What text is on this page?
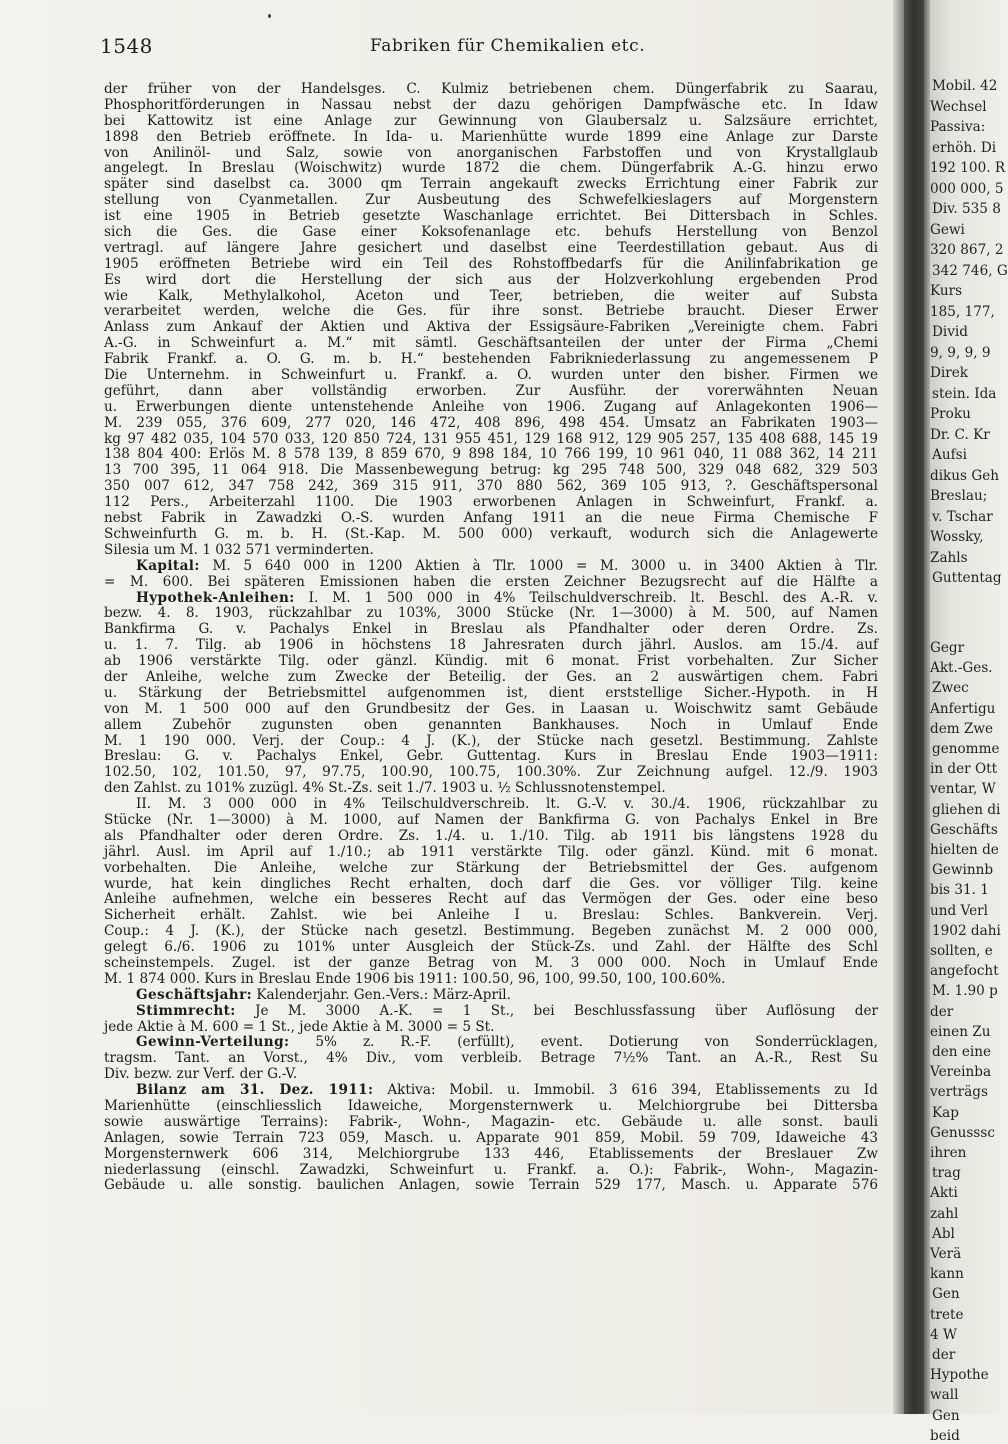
1548	Fabriken für Chemikalien etc.
der früher von der Handelsges. C. Kulmiz betriebenen chem. Düngerfabrik zu Saarau,
Phosphoritförderungen in Nassau nebst der dazu gehörigen Dampfwäsche etc. In Idaw
bei Kattowitz ist eine Anlage zur Gewinnung von Glaubersalz u. Salzsäure errichtet,
1898 den Betrieb eröffnete. In Ida- u. Marienhütte wurde 1899 eine Anlage zur Darste
von Anilinöl- und Salz, sowie von anorganischen Farbstoffen und von Krystallglaub
angelegt. In Breslau (Woischwitz) wurde 1872 die chem. Düngerfabrik A.-G. hinzu erwo
später sind daselbst ca. 3000 qm Terrain angekauft zwecks Errichtung einer Fabrik zur
stellung von Cyanmetallen. Zur Ausbeutung des Schwefelkieslagers auf Morgenstern
ist eine 1905 in Betrieb gesetzte Waschanlage errichtet. Bei Dittersbach in Schles.
sich die Ges. die Gase einer Koksofenanlage etc. behufs Herstellung von Benzol
vertragl. auf längere Jahre gesichert und daselbst eine Teerdestillation gebaut. Aus di
1905 eröffneten Betriebe wird ein Teil des Rohstoffbedarfs für die Anilinfabrikation ge
Es wird dort die Herstellung der sich aus der Holzverkohlung ergebenden Prod
wie Kalk, Methylalkohol, Aceton und Teer, betrieben, die weiter auf Substa
verarbeitet werden, welche die Ges. für ihre sonst. Betriebe braucht. Dieser Erwer
Anlass zum Ankauf der Aktien und Aktiva der Essigsäure-Fabriken „Vereinigte chem. Fabri
A.-G. in Schweinfurt a. M.“ mit sämtl. Geschäftsanteilen der unter der Firma „Chemi
Fabrik Frankf. a. O. G. m. b. H.“ bestehenden Fabrikniederlassung zu angemessenem P
Die Unternehm. in Schweinfurt u. Frankf. a. O. wurden unter den bisher. Firmen we
geführt, dann aber vollständig erworben. Zur Ausführ. der vorerwähnten Neuan
u. Erwerbungen diente untenstehende Anleihe von 1906. Zugang auf Anlagekonten 1906—
M. 239 055, 376 609, 277 020, 146 472, 408 896, 498 454. Umsatz an Fabrikaten 1903—
kg 97 482 035, 104 570 033, 120 850 724, 131 955 451, 129 168 912, 129 905 257, 135 408 688, 145 19
138 804 400: Erlös M. 8 578 139, 8 859 670, 9 898 184, 10 766 199, 10 961 040, 11 088 362, 14 211
13 700 395, 11 064 918. Die Massenbewegung betrug: kg 295 748 500, 329 048 682, 329 503
350 007 612, 347 758 242, 369 315 911, 370 880 562, 369 105 913, ?. Geschäftspersonal
112 Pers., Arbeiterzahl 1100. Die 1903 erworbenen Anlagen in Schweinfurt, Frankf. a.
nebst Fabrik in Zawadzki O.-S. wurden Anfang 1911 an die neue Firma Chemische F
Schweinfurth G. m. b. H. (St.-Kap. M. 500 000) verkauft, wodurch sich die Anlagewerte
Silesia um M. 1 032 571 verminderten.
Kapital: M. 5 640 000 in 1200 Aktien à Tlr. 1000 = M. 3000 u. in 3400 Aktien à Tlr.
= M. 600. Bei späteren Emissionen haben die ersten Zeichner Bezugsrecht auf die Hälfte a
Hypothek-Anleihen: I. M. 1 500 000 in 4% Teilschuldverschreib. lt. Beschl. des A.-R. v.
bezw. 4. 8. 1903, rückzahlbar zu 103%, 3000 Stücke (Nr. 1—3000) à M. 500, auf Namen
Bankfirma G. v. Pachalys Enkel in Breslau als Pfandhalter oder deren Ordre. Zs.
u. 1. 7. Tilg. ab 1906 in höchstens 18 Jahresraten durch jährl. Auslos. am 15./4. auf
ab 1906 verstärkte Tilg. oder gänzl. Kündig. mit 6 monat. Frist vorbehalten. Zur Sicher
der Anleihe, welche zum Zwecke der Beteilig. der Ges. an 2 auswärtigen chem. Fabri
u. Stärkung der Betriebsmittel aufgenommen ist, dient erststellige Sicher.-Hypoth. in H
von M. 1 500 000 auf den Grundbesitz der Ges. in Laasan u. Woischwitz samt Gebäude
allem Zubehör zugunsten oben genannten Bankhauses. Noch in Umlauf Ende
M. 1 190 000. Verj. der Coup.: 4 J. (K.), der Stücke nach gesetzl. Bestimmung. Zahlste
Breslau: G. v. Pachalys Enkel, Gebr. Guttentag. Kurs in Breslau Ende 1903—1911:
102.50, 102, 101.50, 97, 97.75, 100.90, 100.75, 100.30%. Zur Zeichnung aufgel. 12./9. 1903
den Zahlst. zu 101% zuzügl. 4% St.-Zs. seit 1./7. 1903 u. ½ Schlussnotenstempel.
II. M. 3 000 000 in 4% Teilschuldverschreib. lt. G.-V. v. 30./4. 1906, rückzahlbar zu
Stücke (Nr. 1—3000) à M. 1000, auf Namen der Bankfirma G. von Pachalys Enkel in Bre
als Pfandhalter oder deren Ordre. Zs. 1./4. u. 1./10. Tilg. ab 1911 bis längstens 1928 du
jährl. Ausl. im April auf 1./10.; ab 1911 verstärkte Tilg. oder gänzl. Künd. mit 6 monat.
vorbehalten. Die Anleihe, welche zur Stärkung der Betriebsmittel der Ges. aufgenom
wurde, hat kein dingliches Recht erhalten, doch darf die Ges. vor völliger Tilg. keine
Anleihe aufnehmen, welche ein besseres Recht auf das Vermögen der Ges. oder eine beso
Sicherheit erhält. Zahlst. wie bei Anleihe I u. Breslau: Schles. Bankverein. Verj.
Coup.: 4 J. (K.), der Stücke nach gesetzl. Bestimmung. Begeben zunächst M. 2 000 000,
gelegt 6./6. 1906 zu 101% unter Ausgleich der Stück-Zs. und Zahl. der Hälfte des Schl
scheinstempels. Zugel. ist der ganze Betrag von M. 3 000 000. Noch in Umlauf Ende
M. 1 874 000. Kurs in Breslau Ende 1906 bis 1911: 100.50, 96, 100, 99.50, 100, 100.60%.
Geschäftsjahr: Kalenderjahr. Gen.-Vers.: März-April.
Stimmrecht: Je M. 3000 A.-K. = 1 St., bei Beschlussfassung über Auflösung der
jede Aktie à M. 600 = 1 St., jede Aktie à M. 3000 = 5 St.
Gewinn-Verteilung: 5% z. R.-F. (erfüllt), event. Dotierung von Sonderrücklagen,
tragsm. Tant. an Vorst., 4% Div., vom verbleib. Betrage 7½% Tant. an A.-R., Rest Su
Div. bezw. zur Verf. der G.-V.
Bilanz am 31. Dez. 1911: Aktiva: Mobil. u. Immobil. 3 616 394, Etablissements zu Id
Marienhütte (einschliesslich Idaweiche, Morgensternwerk u. Melchiorgrube bei Dittersba
sowie auswärtige Terrains): Fabrik-, Wohn-, Magazin- etc. Gebäude u. alle sonst. bauli
Anlagen, sowie Terrain 723 059, Masch. u. Apparate 901 859, Mobil. 59 709, Idaweiche 43
Morgensternwerk 606 314, Melchiorgrube 133 446, Etablissements der Breslauer Zw
niederlassung (einschl. Zawadzki, Schweinfurt u. Frankf. a. O.): Fabrik-, Wohn-, Magazin-
Gebäude u. alle sonstig. baulichen Anlagen, sowie Terrain 529 177, Masch. u. Apparate 576
Mobil. 42
Wechsel
Passiva:
erhöh. Di
192 100. R
000 000, 5
Div. 535 8
Gewi
320 867, 2
342 746, G
Kurs
185, 177,
Divid
9, 9, 9, 9
Direk
stein. Ida
Proku
Dr. C. Kr
Aufsi
dikus Geh
Breslau;
v. Tschar
Wossky,
Zahls
Guttentag
Gegr
Akt.-Ges.
Zwec
Anfertigu
dem Zwe
genomme
in der Ott
ventar, W
gliehen di
Geschäfts
hielten de
Gewinnb
bis 31. 1
und Verl
1902 dahi
sollten, e
angefocht
M. 1.90 p
der
einen Zu
den eine
Vereinba
verträgs
Kap
Genusssc
ihren
trag
Akti
zahl
Abl
Verä
kann
Gen
trete
4 W
der
Hypothe
wall
Gen
beid
